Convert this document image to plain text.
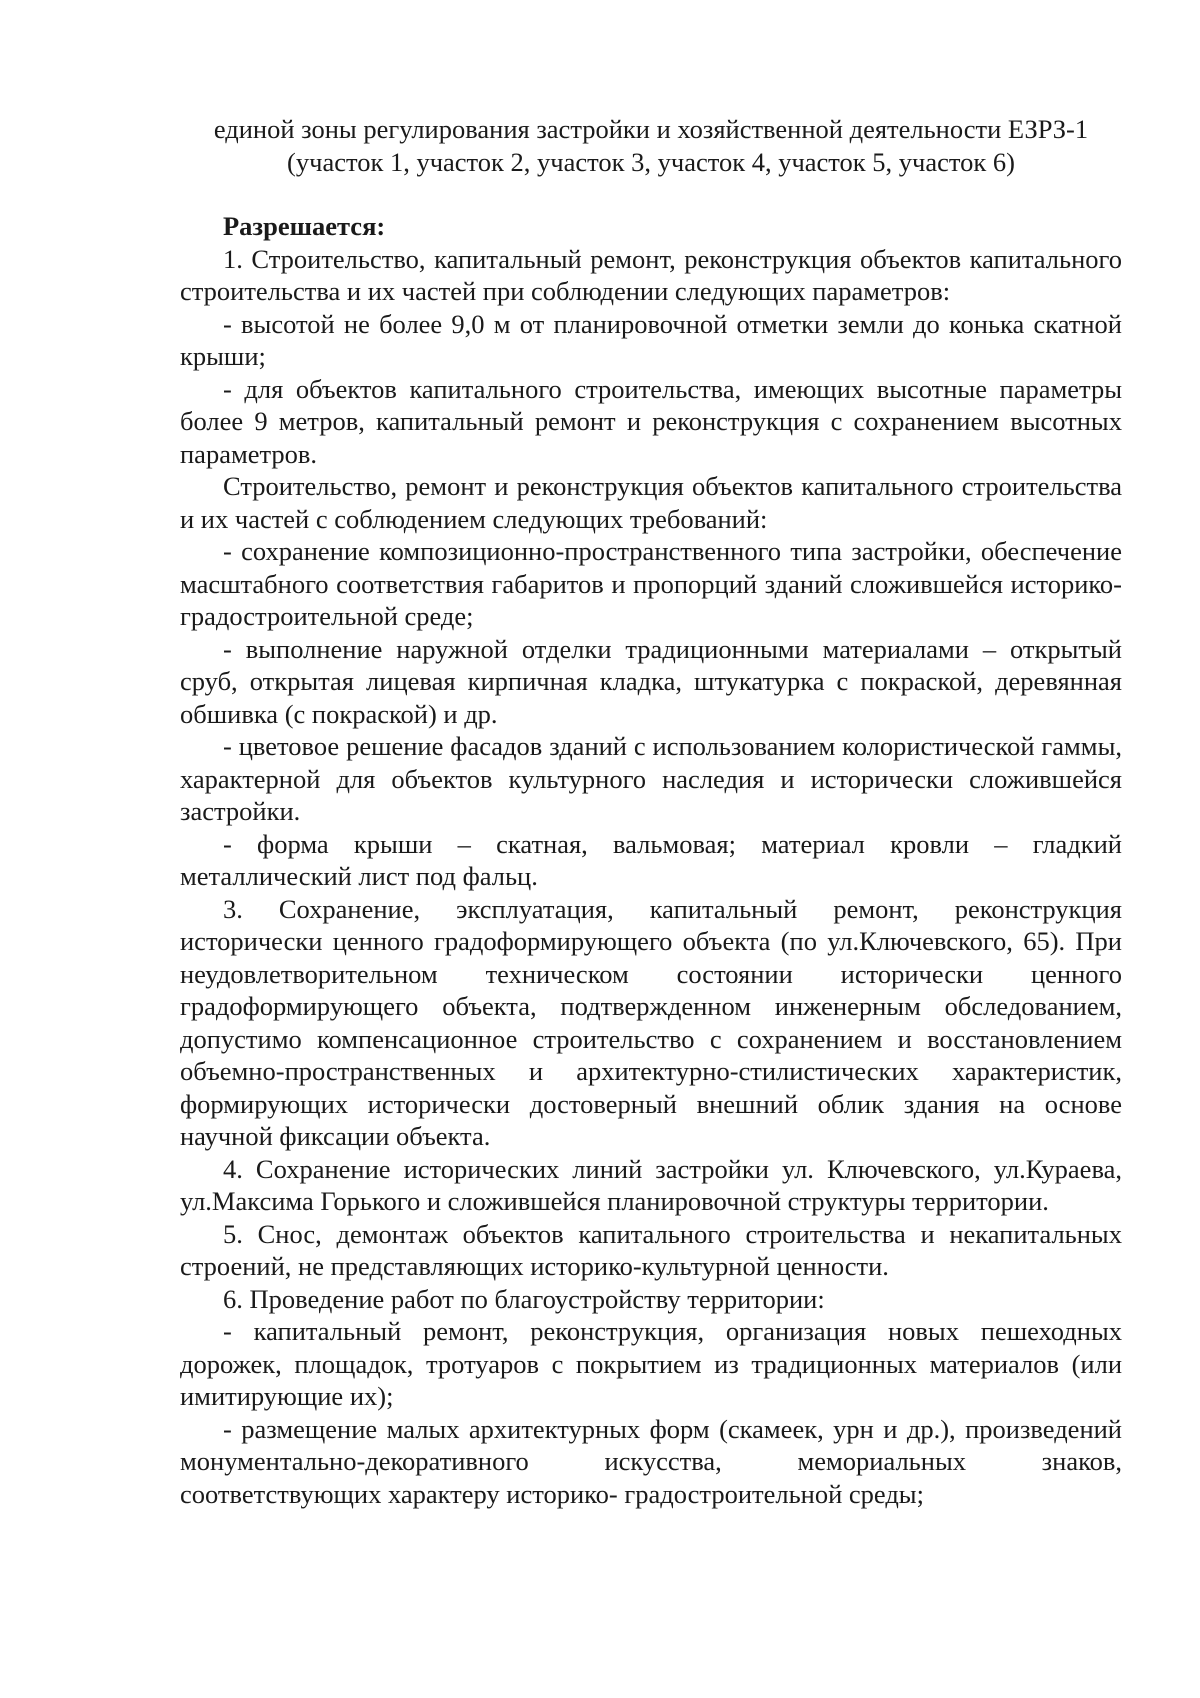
единой зоны регулирования застройки и хозяйственной деятельности ЕЗРЗ-1
(участок 1, участок 2, участок 3, участок 4, участок 5, участок 6)
Разрешается:

1. Строительство, капитальный ремонт, реконструкция объектов капитального строительства и их частей при соблюдении следующих параметров:

- высотой не более 9,0 м от планировочной отметки земли до конька скатной крыши;

- для объектов капитального строительства, имеющих высотные параметры более 9 метров, капитальный ремонт и реконструкция с сохранением высотных параметров.

Строительство, ремонт и реконструкция объектов капитального строительства и их частей с соблюдением следующих требований:

- сохранение композиционно-пространственного типа застройки, обеспечение масштабного соответствия габаритов и пропорций зданий сложившейся историко-градостроительной среде;

- выполнение наружной отделки традиционными материалами – открытый сруб, открытая лицевая кирпичная кладка, штукатурка с покраской, деревянная обшивка (с покраской) и др.

- цветовое решение фасадов зданий с использованием колористической гаммы, характерной для объектов культурного наследия и исторически сложившейся застройки.

- форма крыши – скатная, вальмовая; материал кровли – гладкий металлический лист под фальц.

3. Сохранение, эксплуатация, капитальный ремонт, реконструкция исторически ценного градоформирующего объекта (по ул.Ключевского, 65). При неудовлетворительном техническом состоянии исторически ценного градоформирующего объекта, подтвержденном инженерным обследованием, допустимо компенсационное строительство с сохранением и восстановлением объемно-пространственных и архитектурно-стилистических характеристик, формирующих исторически достоверный внешний облик здания на основе научной фиксации объекта.

4. Сохранение исторических линий застройки ул. Ключевского, ул.Кураева, ул.Максима Горького и сложившейся планировочной структуры территории.

5. Снос, демонтаж объектов капитального строительства и некапитальных строений, не представляющих историко-культурной ценности.

6. Проведение работ по благоустройству территории:

- капитальный ремонт, реконструкция, организация новых пешеходных дорожек, площадок, тротуаров с покрытием из традиционных материалов (или имитирующие их);

- размещение малых архитектурных форм (скамеек, урн и др.), произведений монументально-декоративного искусства, мемориальных знаков, соответствующих характеру историко- градостроительной среды;
